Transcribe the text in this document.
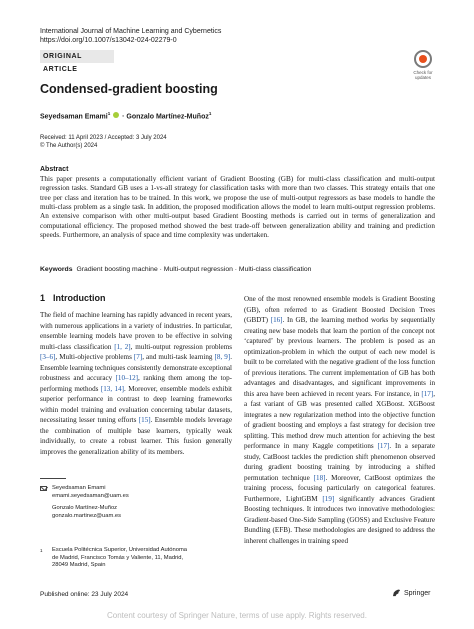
International Journal of Machine Learning and Cybernetics
https://doi.org/10.1007/s13042-024-02279-0
ORIGINAL ARTICLE	Check for
updates
Condensed-gradient boosting
Seyedsaman Emami$^1$  · Gonzalo Martínez-Muñoz$^1$
Received: 11 April 2023 / Accepted: 3 July 2024
© The Author(s) 2024
Abstract

This paper presents a computationally efficient variant of Gradient Boosting (GB) for multi-class classification and multi-output regression tasks. Standard GB uses a 1-vs-all strategy for classification tasks with more than two classes. This strategy entails that one tree per class and iteration has to be trained. In this work, we propose the use of multi-output regressors as base models to handle the multi-class problem as a single task. In addition, the proposed modification allows the model to learn multi-output regression problems. An extensive comparison with other multi-output based Gradient Boosting methods is carried out in terms of generalization and computational efficiency. The proposed method showed the best trade-off between generalization ability and training and prediction speeds. Furthermore, an analysis of space and time complexity was undertaken.

Keywords Gradient boosting machine · Multi-output regression · Multi-class classification
1 Introduction

The field of machine learning has rapidly advanced in recent years, with numerous applications in a variety of industries. In particular, ensemble learning models have proven to be effective in solving multi-class classification [1, 2], multi-output regression problems [3–6], Multi-objective problems [7], and multi-task learning [8, 9]. Ensemble learning techniques consistently demonstrate exceptional robustness and accuracy [10–12], ranking them among the top-performing methods [13, 14]. Moreover, ensemble models exhibit superior performance in contrast to deep learning frameworks within model training and evaluation concerning tabular datasets, necessitating lesser tuning efforts [15]. Ensemble models leverage the combination of multiple base learners, typically weak individually, to create a robust learner. This fusion generally improves the generalization ability of its members.

One of the most renowned ensemble models is Gradient Boosting (GB), often referred to as Gradient Boosted Decision Trees (GBDT) [16]. In GB, the learning method works by sequentially creating new base models that learn the portion of the concept not ‘captured’ by previous learners. The problem is posed as an optimization-problem in which the output of each new model is built to be correlated with the negative gradient of the loss function of previous iterations. The current implementation of GB has both advantages and disadvantages, and significant improvements in this area have been achieved in recent years. For instance, in [17], a fast variant of GB was presented called XGBoost. XGBoost integrates a new regularization method into the objective function of gradient boosting and employs a fast strategy for decision tree splitting. This method drew much attention for achieving the best performance in many Kaggle competitions [17]. In a separate study, CatBoost tackles the prediction shift phenomenon observed during gradient boosting training by introducing a shifted permutation technique [18]. Moreover, CatBoost optimizes the training process, focusing particularly on categorical features. Furthermore, LightGBM [19] significantly advances Gradient Boosting techniques. It introduces two innovative methodologies: Gradient-based One-Side Sampling (GOSS) and Exclusive Feature Bundling (EFB). These methodologies are designed to address the inherent challenges in training speed

Seyedsaman Emami
emami.seyedsaman@uam.es
Gonzalo Martínez-Muñoz
gonzalo.martinez@uam.es
1 Escuela Politécnica Superior, Universidad Autónoma
de Madrid, Francisco Tomás y Valiente, 11, Madrid,
28049 Madrid, Spain
Published online: 23 July 2024	Springer
Content courtesy of Springer Nature, terms of use apply. Rights reserved.
